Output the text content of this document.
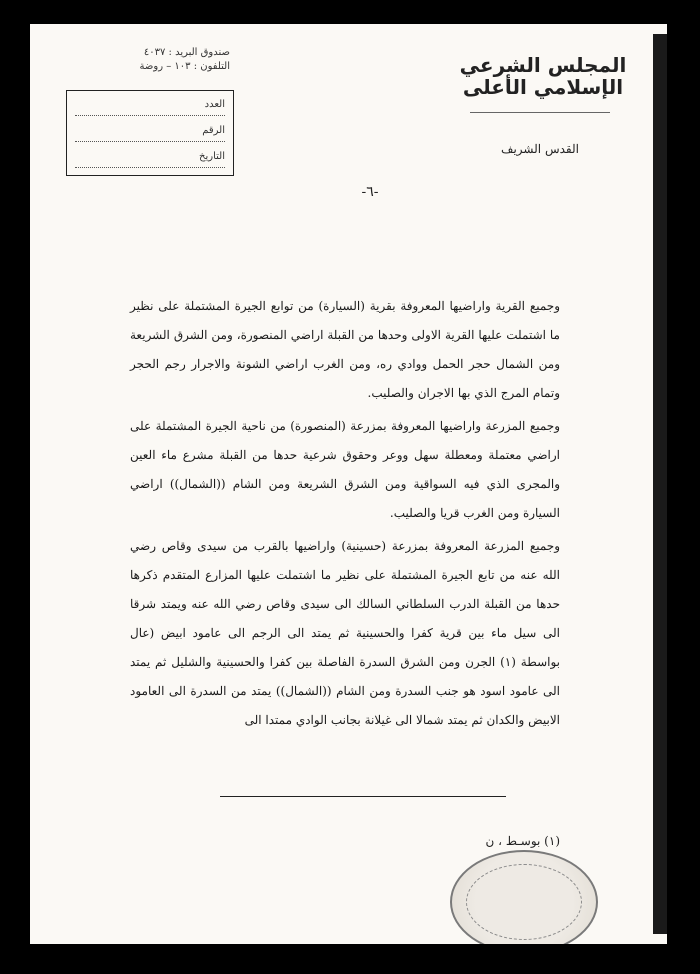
المجلس الشرعي الإسلامي الأعلى
صندوق البريد : ٤٠٣٧
التلفون : ١٠٣ – روضة
العدد
الرقم
التاريخ
القدس الشريف
-٦-

وجميع القرية واراضيها المعروفة بقرية (السيارة) من توابع الجيرة المشتملة على نظير ما اشتملت عليها القرية الاولى وحدها من القبلة اراضي المنصورة، ومن الشرق الشريعة ومن الشمال حجر الحمل ووادي ره، ومن الغرب اراضي الشونة والاجرار رجم الحجر وتمام المرج الذي بها الاجران والصليب.

وجميع المزرعة واراضيها المعروفة بمزرعة (المنصورة) من ناحية الجيرة المشتملة على اراضي معتملة ومعطلة سهل ووعر وحقوق شرعية حدها من القبلة مشرع ماء العين والمجرى الذي فيه السواقية ومن الشرق الشريعة ومن الشام ((الشمال)) اراضي السيارة ومن الغرب قريا والصليب.

وجميع المزرعة المعروفة بمزرعة (حسينية) واراضيها بالقرب من سيدى وقاص رضي الله عنه من تابع الجيرة المشتملة على نظير ما اشتملت عليها المزارع المتقدم ذكرها حدها من القبلة الدرب السلطاني السالك الى سيدى وقاص رضي الله عنه ويمتد شرقا الى سيل ماء بين قرية كفرا والحسينية ثم يمتد الى الرجم الى عامود ابيض (عال بواسطة (١) الجرن ومن الشرق السدرة الفاصلة بين كفرا والحسينية والشليل ثم يمتد الى عامود اسود هو جنب السدرة ومن الشام ((الشمال)) يمتد من السدرة الى العامود الابيض والكدان ثم يمتد شمالا الى غيلانة بجانب الوادي ممتدا الى

(١) بوسـط ، ن
